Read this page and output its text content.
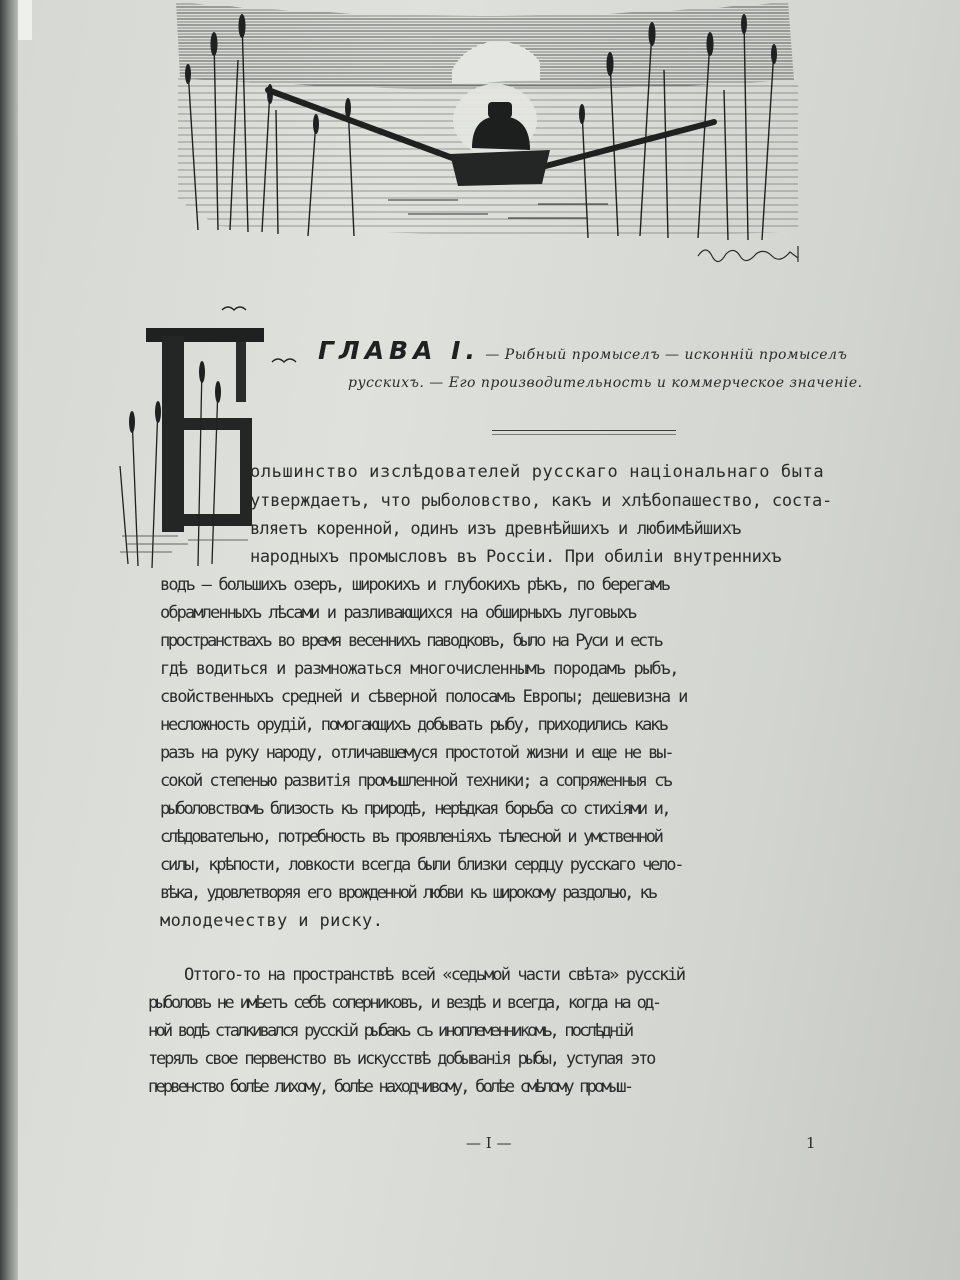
ГЛАВА І. — Рыбный промыселъ — исконній промыселъ
русскихъ. — Его производительность и коммерческое значеніе.

ольшинство изслѣдователей русскаго національнаго быта

утверждаетъ, что рыболовство, какъ и хлѣбопашество, соста-

вляетъ коренной, одинъ изъ древнѣйшихъ и любимѣйшихъ

народныхъ промысловъ въ Россіи. При обиліи внутреннихъ

водъ — большихъ озеръ, широкихъ и глубокихъ рѣкъ, по берегамъ

обрамленныхъ лѣсами и разливающихся на обширныхъ луговыхъ

пространствахъ во время весеннихъ паводковъ, было на Руси и есть

гдѣ водиться и размножаться многочисленнымъ породамъ рыбъ,

свойственныхъ средней и сѣверной полосамъ Европы; дешевизна и

несложность орудій, помогающихъ добывать рыбу, приходились какъ

разъ на руку народу, отличавшемуся простотой жизни и еще не вы-

сокой степенью развитія промышленной техники; а сопряженныя съ

рыболовствомъ близость къ природѣ, нерѣдкая борьба со стихіями и,

слѣдовательно, потребность въ проявленіяхъ тѣлесной и умственной

силы, крѣпости, ловкости всегда были близки сердцу русскаго чело-

вѣка, удовлетворяя его врожденной любви къ широкому раздолью, къ

молодечеству и риску.

Оттого-то на пространствѣ всей «седьмой части свѣта» русскій

рыболовъ не имѣетъ себѣ соперниковъ, и вездѣ и всегда, когда на од-

ной водѣ сталкивался русскій рыбакъ съ иноплеменникомъ, послѣдній

терялъ свое первенство въ искусствѣ добыванія рыбы, уступая это

первенство болѣе лихому, болѣе находчивому, болѣе смѣлому промыш-

— I —	1
